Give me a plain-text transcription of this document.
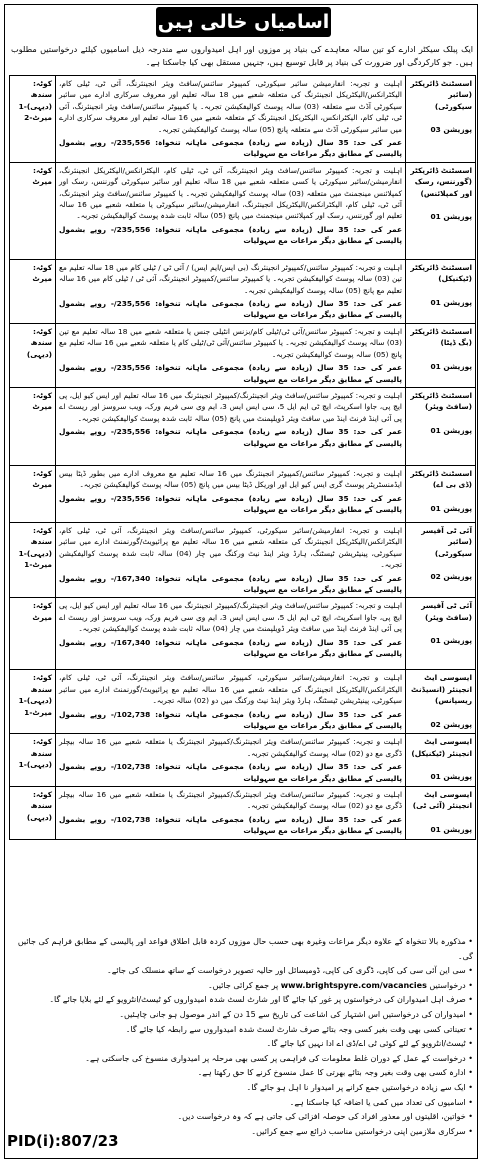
اسامیاں خالی ہیں
ایک پبلک سیکٹر ادارے کو تین سالہ معاہدے کی بنیاد پر موزوں اور اہل امیدواروں سے مندرجہ ذیل اسامیوں کیلئے درخواستیں مطلوب ہیں۔ جو کارکردگی اور ضرورت کی بنیاد پر قابل توسیع ہیں، جنہیں مستقل بھی کیا جاسکتا ہے۔
کوٹہ: سندھ (دیہی)-1
میرٹ-2	اہلیت و تجربہ: انفارمیشن سائبر سیکورٹی، کمپیوٹر سائنس/سافٹ ویئر انجینئرنگ، آئی ٹی، ٹیلی کام، الیکٹرانکس/الیکٹریکل انجینئرنگ کی متعلقہ شعبے میں 18 سالہ تعلیم اور معروف سرکاری ادارے میں سائبر سیکورٹی آڈٹ سے متعلقہ (03) سالہ پوسٹ کوالیفکیشن تجربہ۔ یا کمپیوٹر سائنس/سافٹ ویئر انجینئرنگ، آئی ٹی، ٹیلی کام، الیکٹرانکس، الیکٹریکل انجینئرنگ کے متعلقہ شعبے میں 16 سالہ تعلیم اور معروف سرکاری ادارے میں سائبر سیکورٹی آڈٹ سے متعلقہ پانچ (05) سالہ پوسٹ کوالیفکیشن تجربہ۔
عمر کی حد: 35 سال (زیادہ سے زیادہ) مجموعی ماہانہ تنخواہ: 235,556/- روپے بشمول پالیسی کے مطابق دیگر مراعات مع سہولیات	اسسٹنٹ ڈائریکٹر (سائبر سیکورٹی)
پوزیشن 03

کوٹہ: میرٹ	اہلیت و تجربہ: کمپیوٹر سائنس/سافٹ ویئر انجینئرنگ، آئی ٹی، ٹیلی کام، الیکٹرانکس/الیکٹریکل انجینئرنگ، انفارمیشن/سائبر سیکورٹی یا کسی متعلقہ شعبے میں 18 سالہ تعلیم اور سائبر سیکورٹی گورننس، رسک اور کمپلائنس مینجمنٹ میں متعلقہ (03) سالہ پوسٹ کوالیفکیشن تجربہ۔ یا کمپیوٹر سائنس/سافٹ ویئر انجینئرنگ، آئی ٹی، ٹیلی کام، الیکٹرانکس/الیکٹریکل انجینئرنگ، انفارمیشن/سائبر سیکورٹی یا متعلقہ شعبے میں 16 سالہ تعلیم اور گورننس، رسک اور کمپلائنس مینجمنٹ میں پانچ (05) سالہ ثابت شدہ پوسٹ کوالیفکیشن تجربہ۔
عمر کی حد: 35 سال (زیادہ سے زیادہ) مجموعی ماہانہ تنخواہ: 235,556/- روپے بشمول پالیسی کے مطابق دیگر مراعات مع سہولیات	اسسٹنٹ ڈائریکٹر (گورننس، رسک اور کمپلائنس)
پوزیشن 01

کوٹہ: میرٹ	اہلیت و تجربہ: کمپیوٹر سائنس/کمپیوٹر انجینئرنگ (بی ایس/ایم ایس) / آئی ٹی / ٹیلی کام میں 18 سالہ تعلیم مع تین (03) سالہ پوسٹ کوالیفکیشن تجربہ۔ یا کمپیوٹر سائنس/کمپیوٹر انجینئرنگ، آئی ٹی / ٹیلی کام میں 16 سالہ تعلیم مع پانچ (05) سالہ پوسٹ کوالیفکیشن تجربہ۔
عمر کی حد: 35 سال (زیادہ سے زیادہ) مجموعی ماہانہ تنخواہ: 235,556/- روپے بشمول پالیسی کے مطابق دیگر مراعات مع سہولیات	اسسٹنٹ ڈائریکٹر (ٹیکنیکل)
پوزیشن 01

کوٹہ: سندھ (دیہی)	اہلیت و تجربہ: کمپیوٹر سائنس/آئی ٹی/ٹیلی کام/بزنس انٹیلی جنس یا متعلقہ شعبے میں 18 سالہ تعلیم مع تین (03) سالہ پوسٹ کوالیفکیشن تجربہ۔ یا کمپیوٹر سائنس/آئی ٹی/ٹیلی کام یا متعلقہ شعبے میں 16 سالہ تعلیم مع پانچ (05) سالہ پوسٹ کوالیفکیشن تجربہ۔
عمر کی حد: 35 سال (زیادہ سے زیادہ) مجموعی ماہانہ تنخواہ: 235,556/- روپے بشمول پالیسی کے مطابق دیگر مراعات مع سہولیات	اسسٹنٹ ڈائریکٹر (بگ ڈیٹا)
پوزیشن 01

کوٹہ: میرٹ	اہلیت و تجربہ: کمپیوٹر سائنس/سافٹ ویئر انجینئرنگ/کمپیوٹر انجینئرنگ میں 16 سالہ تعلیم اور ایس کیو ایل، پی ایچ پی، جاوا اسکرپٹ، ایچ ٹی ایم ایل 5، سی ایس ایس 3، ایم وی سی فریم ورک، ویب سروسز اور ریسٹ اے پی آئی اینڈ فرنٹ اینڈ میں سافٹ ویئر ڈویلپمنٹ میں پانچ (05) سالہ ثابت شدہ پوسٹ کوالیفکیشن تجربہ۔
عمر کی حد: 35 سال (زیادہ سے زیادہ) مجموعی ماہانہ تنخواہ: 235,556/- روپے بشمول پالیسی کے مطابق دیگر مراعات مع سہولیات	اسسٹنٹ ڈائریکٹر (سافٹ ویئر)
پوزیشن 01

کوٹہ: میرٹ	اہلیت و تجربہ: کمپیوٹر سائنس/کمپیوٹر انجینئرنگ میں 16 سالہ تعلیم مع معروف ادارے میں بطور ڈیٹا بیس ایڈمنسٹریٹر پوسٹ گری ایس کیو ایل اور اوریکل ڈیٹا بیس میں پانچ (05) سالہ پوسٹ کوالیفکیشن تجربہ۔
عمر کی حد: 35 سال (زیادہ سے زیادہ) مجموعی ماہانہ تنخواہ: 235,556/- روپے بشمول پالیسی کے مطابق دیگر مراعات مع سہولیات	اسسٹنٹ ڈائریکٹر (ڈی بی اے)
پوزیشن 01

کوٹہ: سندھ (دیہی)-1
میرٹ-1	اہلیت و تجربہ: انفارمیشن/سائبر سیکورٹی، کمپیوٹر سائنس/سافٹ ویئر انجینئرنگ، آئی ٹی، ٹیلی کام، الیکٹرانکس/الیکٹریکل انجینئرنگ کی متعلقہ شعبے میں 16 سالہ تعلیم مع پرائیویٹ/گورنمنٹ ادارے میں سائبر سیکورٹی، پینیٹریشن ٹیسٹنگ، ہارڈ ویئر اینڈ نیٹ ورکنگ میں چار (04) سالہ ثابت شدہ پوسٹ کوالیفکیشن تجربہ۔
عمر کی حد: 35 سال (زیادہ سے زیادہ) مجموعی ماہانہ تنخواہ: 167,340/- روپے بشمول پالیسی کے مطابق دیگر مراعات مع سہولیات	آئی ٹی آفیسر (سائبر سیکورٹی)
پوزیشن 02

کوٹہ: میرٹ	اہلیت و تجربہ: کمپیوٹر سائنس/سافٹ ویئر انجینئرنگ/کمپیوٹر انجینئرنگ میں 16 سالہ تعلیم اور ایس کیو ایل، پی ایچ پی، جاوا اسکرپٹ، ایچ ٹی ایم ایل 5، سی ایس ایس 3، ایم وی سی فریم ورک، ویب سروسز اور ریسٹ اے پی آئی اینڈ فرنٹ اینڈ میں سافٹ ویئر ڈویلپمنٹ میں چار (04) سالہ ثابت شدہ پوسٹ کوالیفکیشن تجربہ۔
عمر کی حد: 35 سال (زیادہ سے زیادہ) مجموعی ماہانہ تنخواہ: 167,340/- روپے بشمول پالیسی کے مطابق دیگر مراعات مع سہولیات	آئی ٹی آفیسر (سافٹ ویئر)
پوزیشن 01

کوٹہ: سندھ (دیہی)-1
میرٹ-1	اہلیت و تجربہ: انفارمیشن/سائبر سیکورٹی، کمپیوٹر سائنس/سافٹ ویئر انجینئرنگ، آئی ٹی، ٹیلی کام، الیکٹرانکس/الیکٹریکل انجینئرنگ کی متعلقہ شعبے میں 16 سالہ تعلیم مع پرائیویٹ/گورنمنٹ ادارے میں سائبر سیکورٹی، پینیٹریشن ٹیسٹنگ، ہارڈ ویئر اینڈ نیٹ ورکنگ میں دو (02) سالہ تجربہ۔
عمر کی حد: 35 سال (زیادہ سے زیادہ) مجموعی ماہانہ تنخواہ: 102,738/- روپے بشمول پالیسی کے مطابق دیگر مراعات مع سہولیات	ایسوسی ایٹ انجینئر (انسیڈنٹ ریسپانس)
پوزیشن 02

کوٹہ: سندھ (دیہی)-1	اہلیت و تجربہ: کمپیوٹر سائنس/سافٹ ویئر انجینئرنگ/کمپیوٹر انجینئرنگ یا متعلقہ شعبے میں 16 سالہ بیچلر ڈگری مع دو (02) سالہ پوسٹ کوالیفکیشن تجربہ۔
عمر کی حد: 35 سال (زیادہ سے زیادہ) مجموعی ماہانہ تنخواہ: 102,738/- روپے بشمول پالیسی کے مطابق دیگر مراعات مع سہولیات	ایسوسی ایٹ انجینئر (ٹیکنیکل)
پوزیشن 01

کوٹہ: سندھ (دیہی)	اہلیت و تجربہ: کمپیوٹر سائنس/سافٹ ویئر انجینئرنگ/کمپیوٹر انجینئرنگ یا متعلقہ شعبے میں 16 سالہ بیچلر ڈگری مع دو (02) سالہ پوسٹ کوالیفکیشن تجربہ۔
عمر کی حد: 35 سال (زیادہ سے زیادہ) مجموعی ماہانہ تنخواہ: 102,738/- روپے بشمول پالیسی کے مطابق دیگر مراعات مع سہولیات	ایسوسی ایٹ انجینئر (آئی ٹی)
پوزیشن 01
• مذکورہ بالا تنخواہ کے علاوہ دیگر مراعات وغیرہ بھی حسب حال موزوں کردہ قابل اطلاق قواعد اور پالیسی کے مطابق فراہم کی جائیں گی۔
• سی این آئی سی کی کاپی، ڈگری کی کاپی، ڈومیسائل اور حالیہ تصویر درخواست کے ساتھ منسلک کی جائے۔
• درخواستیں www.brightspyre.com/vacancies پر جمع کرائی جائیں۔
• صرف اہل امیدواران کی درخواستوں پر غور کیا جائے گا اور شارٹ لسٹ شدہ امیدواروں کو ٹیسٹ/انٹرویو کے لئے بلایا جائے گا۔
• امیدواران کی درخواستیں اس اشتہار کی اشاعت کی تاریخ سے 15 دن کے اندر موصول ہو جانی چاہئیں۔
• تعیناتی کسی بھی وقت بغیر کسی وجہ بتائے صرف شارٹ لسٹ شدہ امیدواروں سے رابطہ کیا جائے گا۔
• ٹیسٹ/انٹرویو کے لئے کوئی ٹی اے/ڈی اے ادا نہیں کیا جائے گا۔
• درخواست کے عمل کے دوران غلط معلومات کی فراہمی پر کسی بھی مرحلہ پر امیدواری منسوخ کی جاسکتی ہے۔
• ادارہ کسی بھی وقت بغیر وجہ بتائے بھرتی کا عمل منسوخ کرنے کا حق رکھتا ہے۔
• ایک سے زیادہ درخواستیں جمع کرانے پر امیدوار نا اہل ہو جائے گا۔
• اسامیوں کی تعداد میں کمی یا اضافہ کیا جاسکتا ہے۔
• خواتین، اقلیتوں اور معذور افراد کی حوصلہ افزائی کی جاتی ہے کہ وہ درخواست دیں۔
• سرکاری ملازمین اپنی درخواستیں مناسب ذرائع سے جمع کرائیں۔
PID(i):807/23
